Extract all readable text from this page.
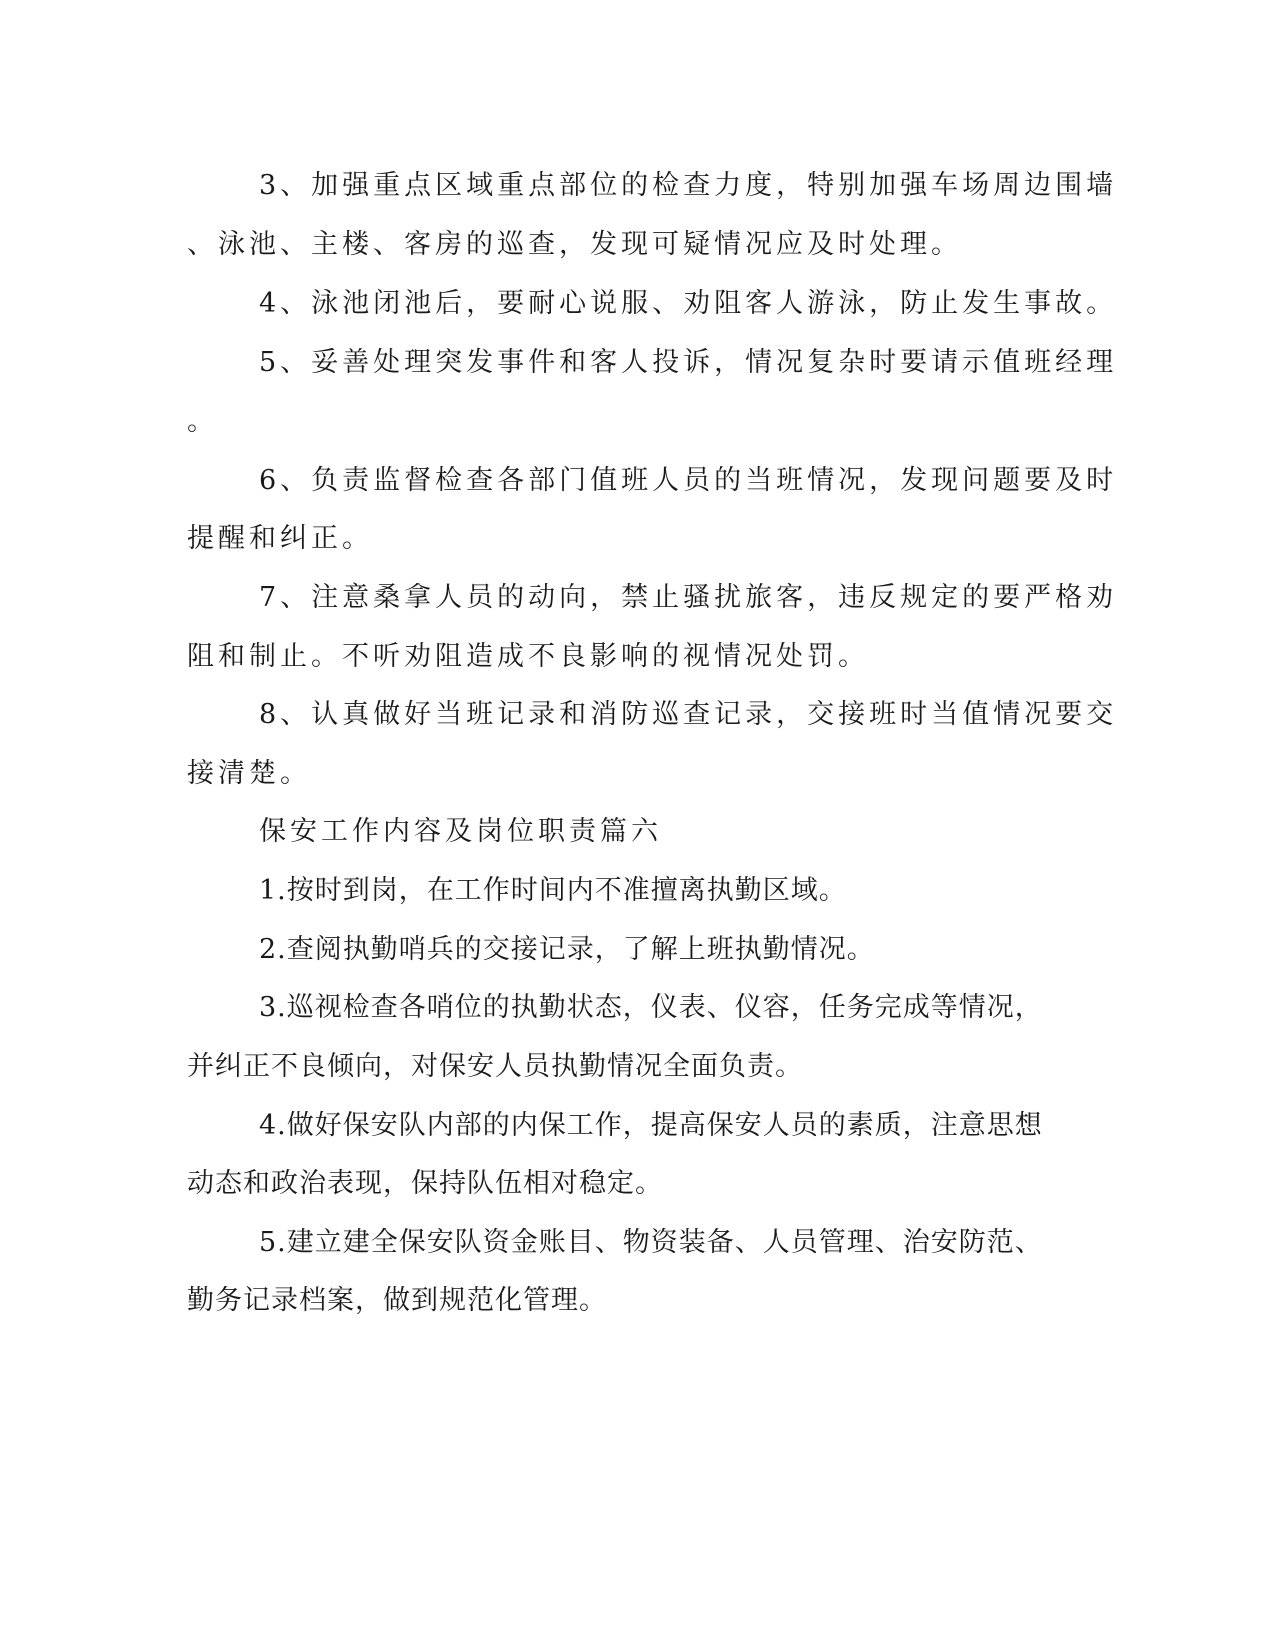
3、加强重点区域重点部位的检查力度，特别加强车场周边围墙
、泳池、主楼、客房的巡查，发现可疑情况应及时处理。
4、泳池闭池后，要耐心说服、劝阻客人游泳，防止发生事故。
5、妥善处理突发事件和客人投诉，情况复杂时要请示值班经理
。
6、负责监督检查各部门值班人员的当班情况，发现问题要及时
提醒和纠正。
7、注意桑拿人员的动向，禁止骚扰旅客，违反规定的要严格劝
阻和制止。不听劝阻造成不良影响的视情况处罚。
8、认真做好当班记录和消防巡查记录，交接班时当值情况要交
接清楚。
保安工作内容及岗位职责篇六
1.按时到岗，在工作时间内不准擅离执勤区域。
2.查阅执勤哨兵的交接记录，了解上班执勤情况。
3.巡视检查各哨位的执勤状态，仪表、仪容，任务完成等情况，
并纠正不良倾向，对保安人员执勤情况全面负责。
4.做好保安队内部的内保工作，提高保安人员的素质，注意思想
动态和政治表现，保持队伍相对稳定。
5.建立建全保安队资金账目、物资装备、人员管理、治安防范、
勤务记录档案，做到规范化管理。
